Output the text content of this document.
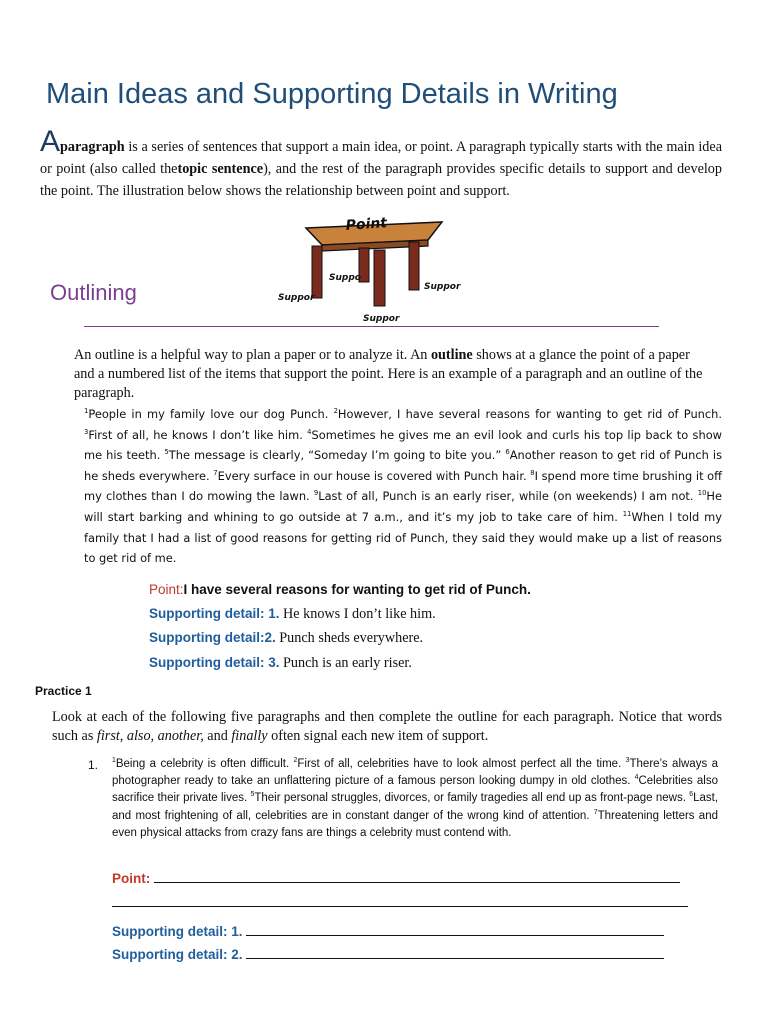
Main Ideas and Supporting Details in Writing
Aparagraph is a series of sentences that support a main idea, or point. A paragraph typically starts with the main idea or point (also called thetopic sentence), and the rest of the paragraph provides specific details to support and develop the point. The illustration below shows the relationship between point and support.
Point
Suppor
Suppo
Suppor
Suppor
Outlining
An outline is a helpful way to plan a paper or to analyze it. An outline shows at a glance the point of a paper and a numbered list of the items that support the point. Here is an example of a paragraph and an outline of the paragraph.
$^1$People in my family love our dog Punch. $^2$However, I have several reasons for wanting to get rid of Punch. $^3$First of all, he knows I don’t like him. $^4$Sometimes he gives me an evil look and curls his top lip back to show me his teeth. $^5$The message is clearly, “Someday I’m going to bite you.” $^6$Another reason to get rid of Punch is he sheds everywhere. $^7$Every surface in our house is covered with Punch hair. $^8$I spend more time brushing it off my clothes than I do mowing the lawn. $^9$Last of all, Punch is an early riser, while (on weekends) I am not. $^{10}$He will start barking and whining to go outside at 7 a.m., and it’s my job to take care of him. $^{11}$When I told my family that I had a list of good reasons for getting rid of Punch, they said they would make up a list of reasons to get rid of me.
Point:I have several reasons for wanting to get rid of Punch.
Supporting detail: 1. He knows I don’t like him.
Supporting detail:2. Punch sheds everywhere.
Supporting detail: 3. Punch is an early riser.
Practice 1
Look at each of the following five paragraphs and then complete the outline for each paragraph. Notice that words such as first, also, another, and finally often signal each new item of support.
1. $^1$Being a celebrity is often difficult. $^2$First of all, celebrities have to look almost perfect all the time. $^3$There’s always a photographer ready to take an unflattering picture of a famous person looking dumpy in old clothes. $^4$Celebrities also sacrifice their private lives. $^5$Their personal struggles, divorces, or family tragedies all end up as front-page news. $^6$Last, and most frightening of all, celebrities are in constant danger of the wrong kind of attention. $^7$Threatening letters and even physical attacks from crazy fans are things a celebrity must contend with.
Point:
Supporting detail: 1.
Supporting detail: 2.
